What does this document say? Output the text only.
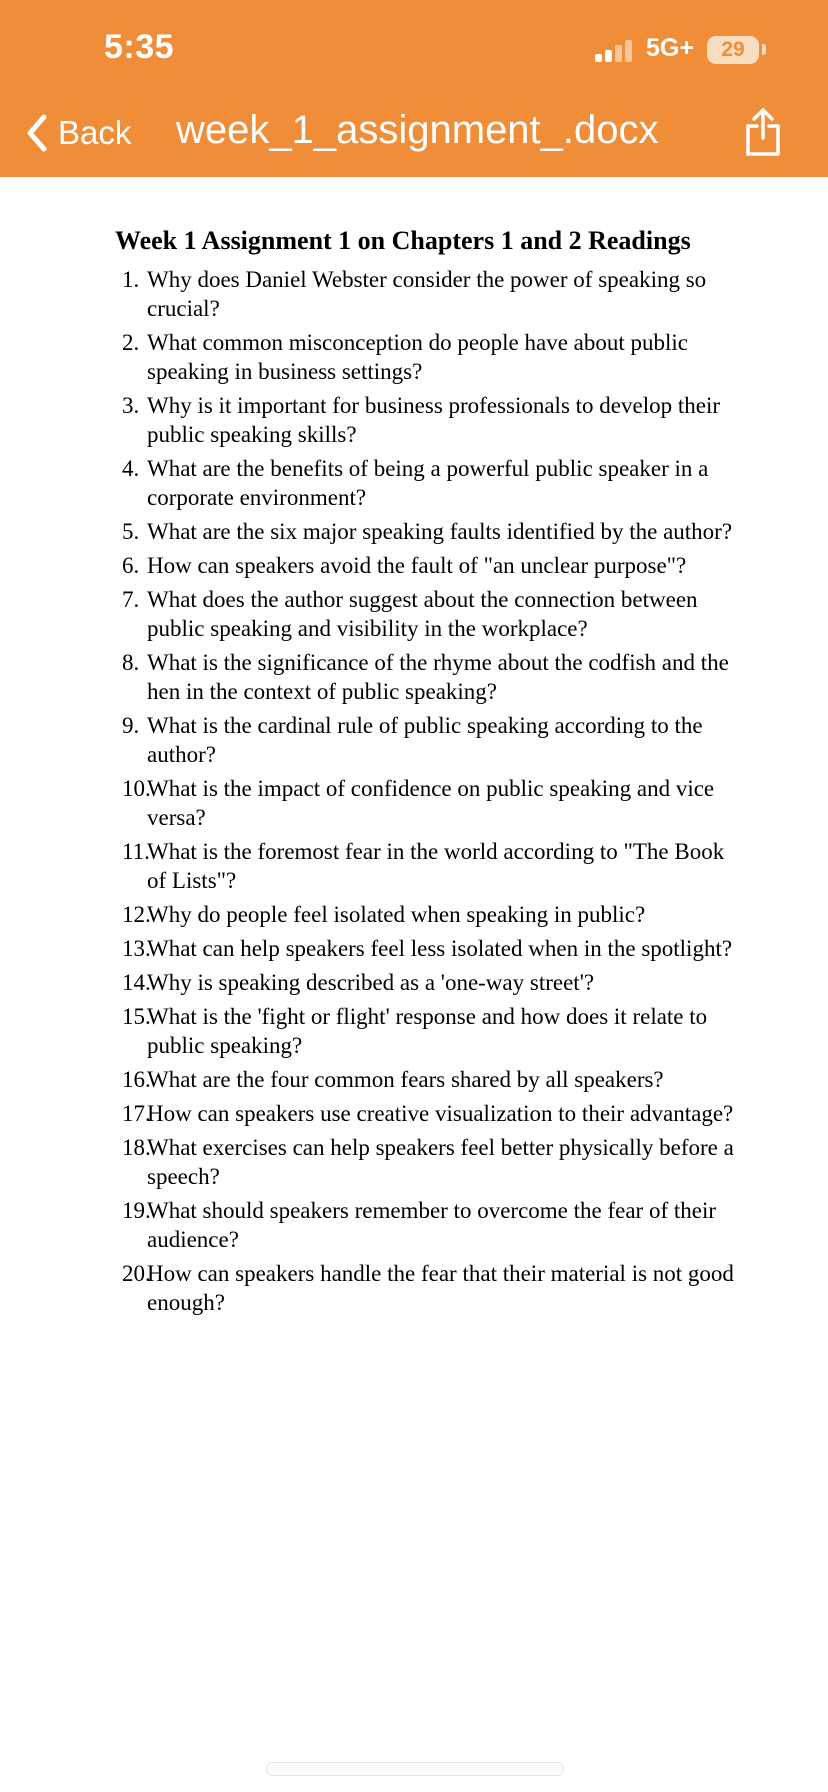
5:35	5G+	29
Back week_1_assignment_.docx
Week 1 Assignment 1 on Chapters 1 and 2 Readings
1. Why does Daniel Webster consider the power of speaking so crucial?
2. What common misconception do people have about public speaking in business settings?
3. Why is it important for business professionals to develop their public speaking skills?
4. What are the benefits of being a powerful public speaker in a corporate environment?
5. What are the six major speaking faults identified by the author?
6. How can speakers avoid the fault of "an unclear purpose"?
7. What does the author suggest about the connection between public speaking and visibility in the workplace?
8. What is the significance of the rhyme about the codfish and the hen in the context of public speaking?
9. What is the cardinal rule of public speaking according to the author?
10.
What is the impact of confidence on public speaking and vice versa?
11.
What is the foremost fear in the world according to "The Book of Lists"?
12.
Why do people feel isolated when speaking in public?
13.
What can help speakers feel less isolated when in the spotlight?
14.
Why is speaking described as a 'one-way street'?
15.
What is the 'fight or flight' response and how does it relate to public speaking?
16.
What are the four common fears shared by all speakers?
17.
How can speakers use creative visualization to their advantage?
18.
What exercises can help speakers feel better physically before a speech?
19.
What should speakers remember to overcome the fear of their audience?
20.
How can speakers handle the fear that their material is not good enough?
